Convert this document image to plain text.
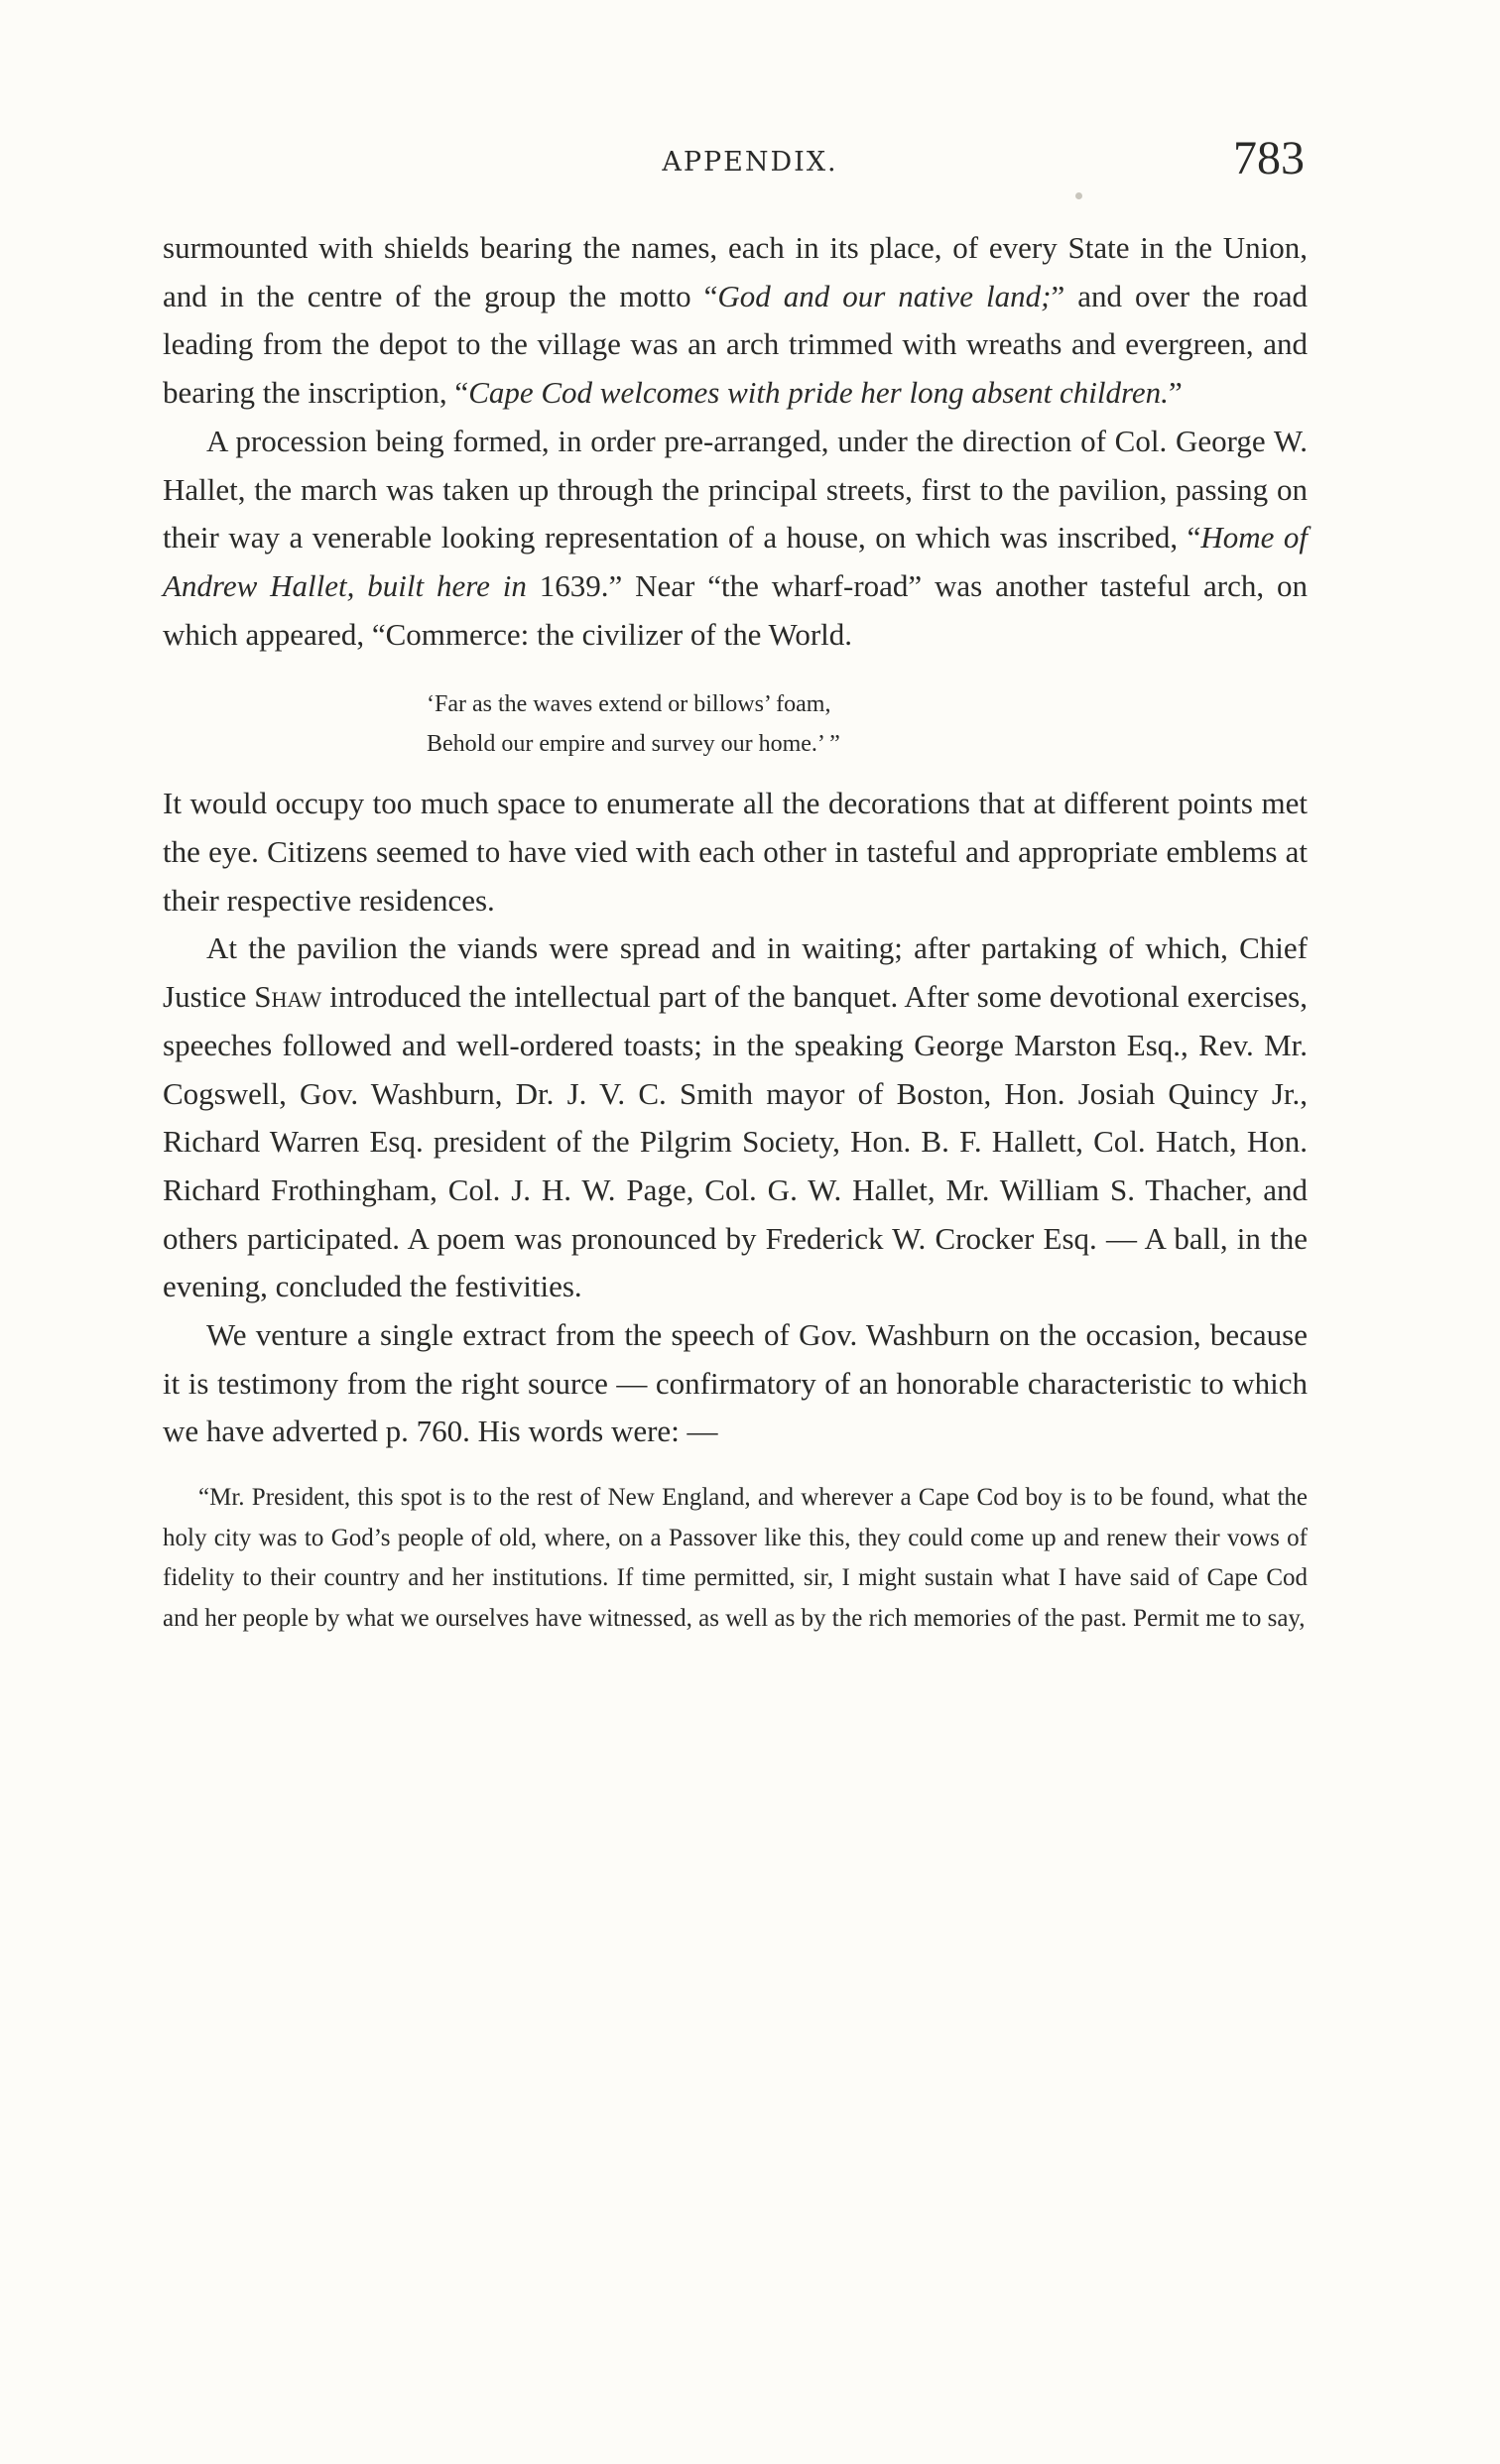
APPENDIX.	783

surmounted with shields bearing the names, each in its place, of every State in the Union, and in the centre of the group the motto “God and our native land;” and over the road leading from the depot to the village was an arch trimmed with wreaths and evergreen, and bearing the inscription, “Cape Cod welcomes with pride her long absent children.”

A procession being formed, in order pre-arranged, under the direction of Col. George W. Hallet, the march was taken up through the principal streets, first to the pavilion, passing on their way a venerable looking representation of a house, on which was inscribed, “Home of Andrew Hallet, built here in 1639.” Near “the wharf-road” was another tasteful arch, on which appeared, “Commerce: the civilizer of the World.

‘Far as the waves extend or billows’ foam,
Behold our empire and survey our home.’ ”

It would occupy too much space to enumerate all the decorations that at different points met the eye. Citizens seemed to have vied with each other in tasteful and appropriate emblems at their respective residences.

At the pavilion the viands were spread and in waiting; after partaking of which, Chief Justice Shaw introduced the intellectual part of the banquet. After some devotional exercises, speeches followed and well-ordered toasts; in the speaking George Marston Esq., Rev. Mr. Cogswell, Gov. Washburn, Dr. J. V. C. Smith mayor of Boston, Hon. Josiah Quincy Jr., Richard Warren Esq. president of the Pilgrim Society, Hon. B. F. Hallett, Col. Hatch, Hon. Richard Frothingham, Col. J. H. W. Page, Col. G. W. Hallet, Mr. William S. Thacher, and others participated. A poem was pronounced by Frederick W. Crocker Esq. — A ball, in the evening, concluded the festivities.

We venture a single extract from the speech of Gov. Washburn on the occasion, because it is testimony from the right source — confirmatory of an honorable characteristic to which we have adverted p. 760. His words were: —

“Mr. President, this spot is to the rest of New England, and wherever a Cape Cod boy is to be found, what the holy city was to God’s people of old, where, on a Passover like this, they could come up and renew their vows of fidelity to their country and her institutions. If time permitted, sir, I might sustain what I have said of Cape Cod and her people by what we ourselves have witnessed, as well as by the rich memories of the past. Permit me to say,
